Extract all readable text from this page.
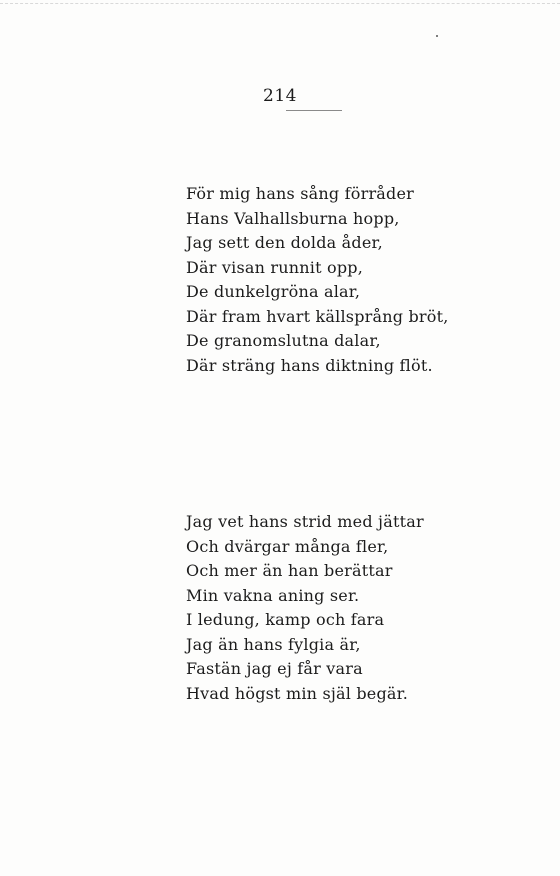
214
För mig hans sång förråder
Hans Valhallsburna hopp,
Jag sett den dolda åder,
Där visan runnit opp,
De dunkelgröna alar,
Där fram hvart källsprång bröt,
De granomslutna dalar,
Där sträng hans diktning flöt.
Jag vet hans strid med jättar
Och dvärgar många fler,
Och mer än han berättar
Min vakna aning ser.
I ledung, kamp och fara
Jag än hans fylgia är,
Fastän jag ej får vara
Hvad högst min själ begär.
